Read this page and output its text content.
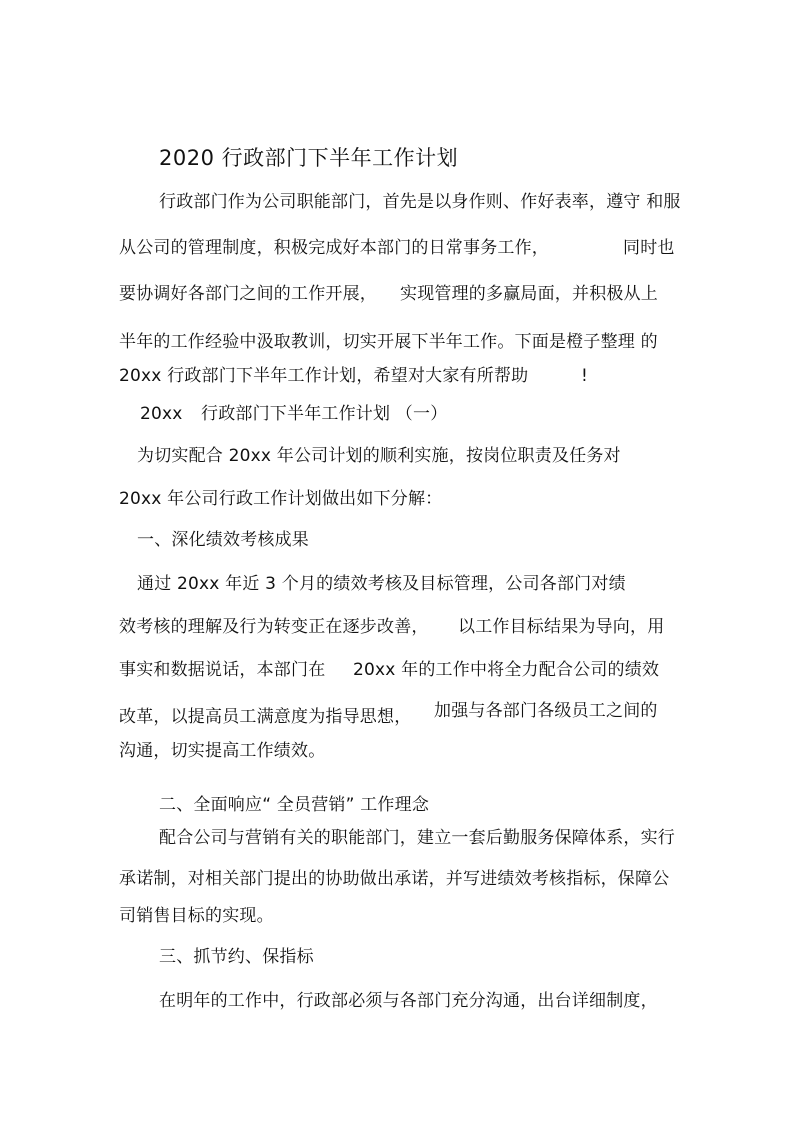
2020 行政部门下半年工作计划
行政部门作为公司职能部门，首先是以身作则、作好表率，遵守 和服
从公司的管理制度，积极完成好本部门的日常事务工作，	同时也
要协调好各部门之间的工作开展， 实现管理的多赢局面，并积极从上
半年的工作经验中汲取教训，切实开展下半年工作。下面是橙子整理 的
20xx 行政部门下半年工作计划，希望对大家有所帮助	!
20xx 行政部门下半年工作计划 （一）
为切实配合 20xx 年公司计划的顺利实施，按岗位职责及任务对
20xx 年公司行政工作计划做出如下分解：
一、深化绩效考核成果
通过 20xx 年近 3 个月的绩效考核及目标管理，公司各部门对绩
效考核的理解及行为转变正在逐步改善， 以工作目标结果为导向，用
事实和数据说话，本部门在 20xx 年的工作中将全力配合公司的绩效
改革，以提高员工满意度为指导思想， 加强与各部门各级员工之间的
沟通，切实提高工作绩效。
二、全面响应“ 全员营销” 工作理念
配合公司与营销有关的职能部门，建立一套后勤服务保障体系，实行
承诺制，对相关部门提出的协助做出承诺，并写进绩效考核指标，保障公
司销售目标的实现。
三、抓节约、保指标
在明年的工作中，行政部必须与各部门充分沟通，出台详细制度，
